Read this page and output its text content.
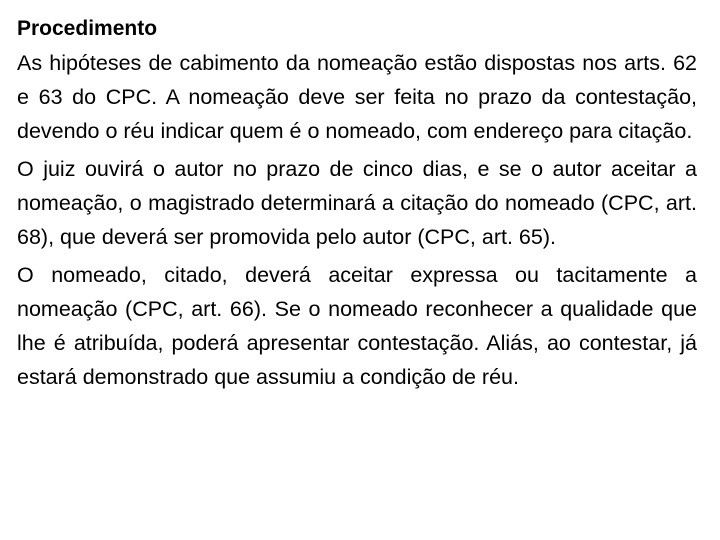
Procedimento

As hipóteses de cabimento da nomeação estão dispostas nos arts. 62 e 63 do CPC. A nomeação deve ser feita no prazo da contestação, devendo o réu indicar quem é o nomeado, com endereço para citação.

O juiz ouvirá o autor no prazo de cinco dias, e se o autor aceitar a nomeação, o magistrado determinará a citação do nomeado (CPC, art. 68), que deverá ser promovida pelo autor (CPC, art. 65).

O nomeado, citado, deverá aceitar expressa ou tacitamente a nomeação (CPC, art. 66). Se o nomeado reconhecer a qualidade que lhe é atribuída, poderá apresentar contestação. Aliás, ao contestar, já estará demonstrado que assumiu a condição de réu.
